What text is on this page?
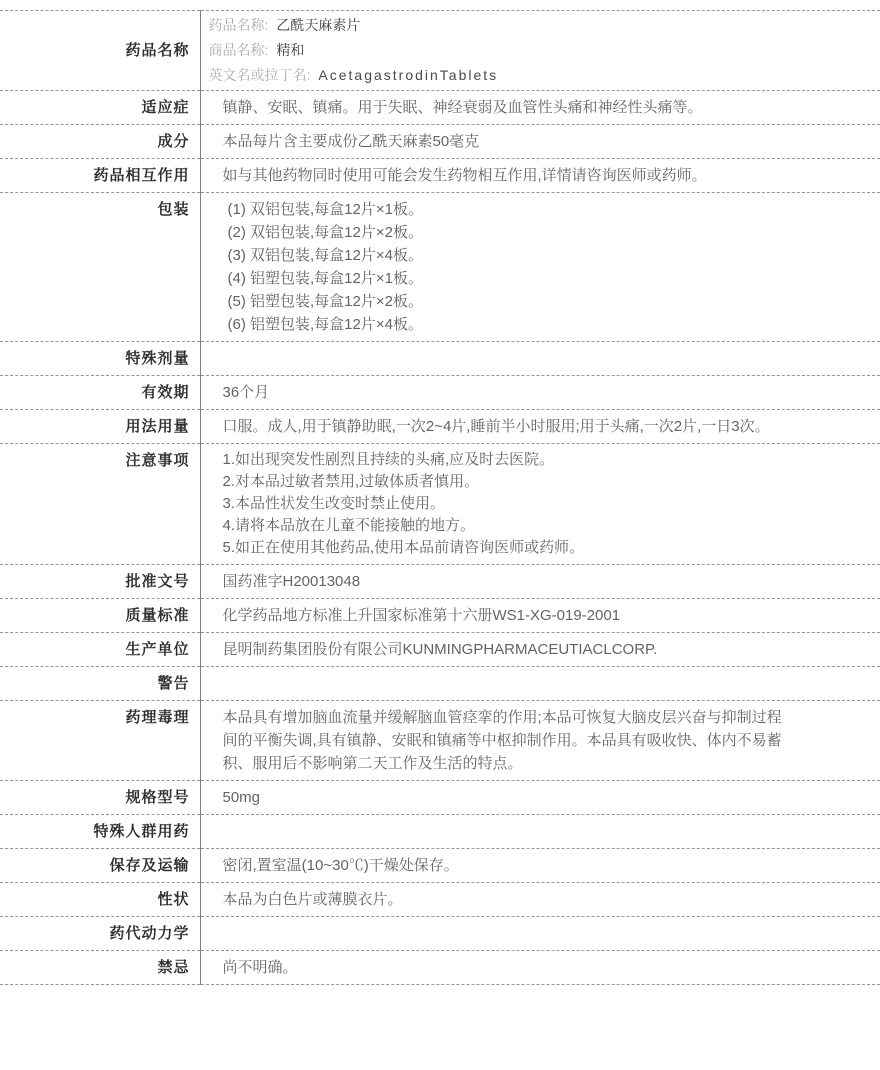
药品名称	药品名称: 乙酰天麻素片
商品名称: 精和
英文名或拉丁名: AcetagastrodinTablets

适应症	镇静、安眠、镇痛。用于失眠、神经衰弱及血管性头痛和神经性头痛等。
成分	本品每片含主要成份乙酰天麻素50毫克
药品相互作用	如与其他药物同时使用可能会发生药物相互作用,详情请咨询医师或药师。
包装	(1) 双铝包装,每盒12片×1板。
(2) 双铝包装,每盒12片×2板。
(3) 双铝包装,每盒12片×4板。
(4) 铝塑包装,每盒12片×1板。
(5) 铝塑包装,每盒12片×2板。
(6) 铝塑包装,每盒12片×4板。

特殊剂量	
有效期	36个月
用法用量	口服。成人,用于镇静助眠,一次2~4片,睡前半小时服用;用于头痛,一次2片,一日3次。
注意事项	1.如出现突发性剧烈且持续的头痛,应及时去医院。
2.对本品过敏者禁用,过敏体质者慎用。
3.本品性状发生改变时禁止使用。
4.请将本品放在儿童不能接触的地方。
5.如正在使用其他药品,使用本品前请咨询医师或药师。

批准文号	国药准字H20013048
质量标准	化学药品地方标准上升国家标准第十六册WS1-XG-019-2001
生产单位	昆明制药集团股份有限公司KUNMINGPHARMACEUTIACLCORP.
警告	
药理毒理	本品具有增加脑血流量并缓解脑血管痉挛的作用;本品可恢复大脑皮层兴奋与抑制过程间的平衡失调,具有镇静、安眠和镇痛等中枢抑制作用。本品具有吸收快、体内不易蓄积、服用后不影响第二天工作及生活的特点。
规格型号	50mg
特殊人群用药	
保存及运输	密闭,置室温(10~30℃)干燥处保存。
性状	本品为白色片或薄膜衣片。
药代动力学	
禁忌	尚不明确。
